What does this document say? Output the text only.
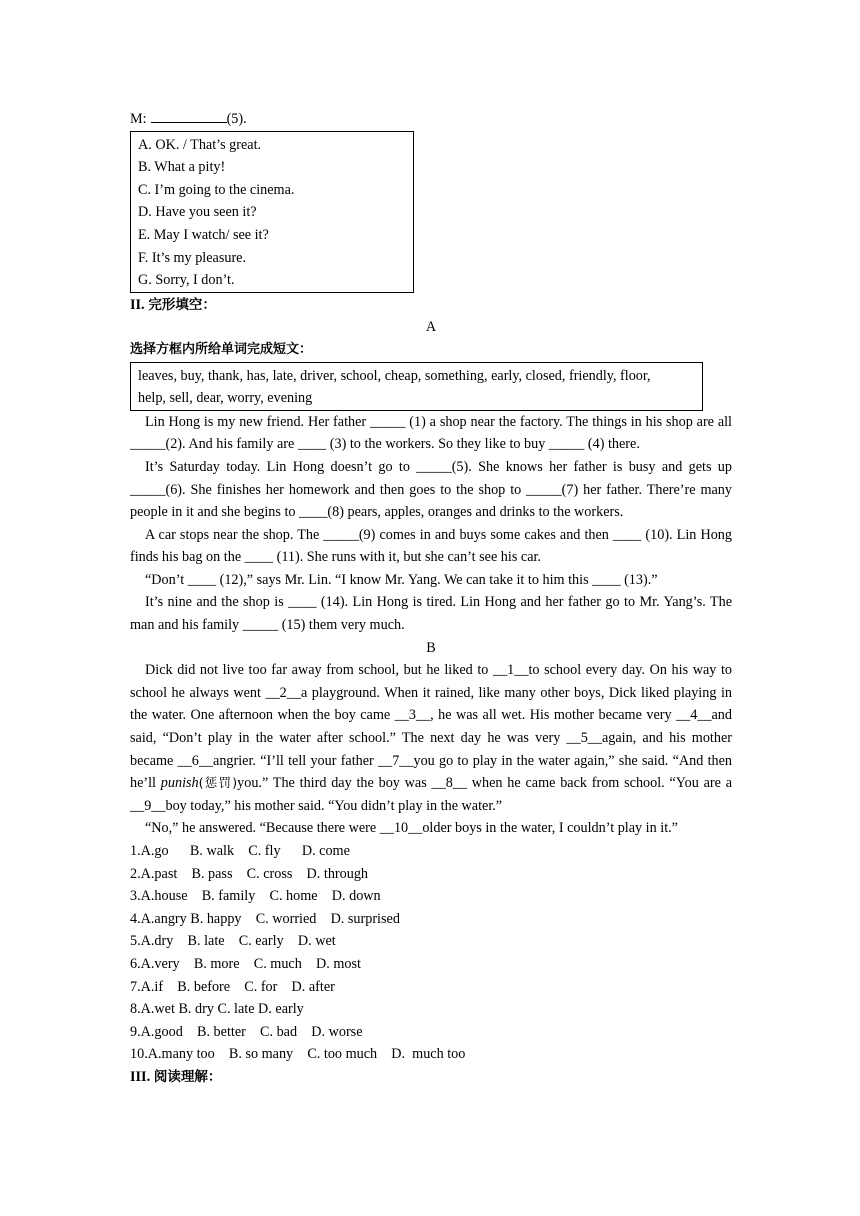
M:	(5).
A. OK. / That’s great.
B. What a pity!
C. I’m going to the cinema.
D. Have you seen it?
E. May I watch/ see it?
F. It’s my pleasure.
G. Sorry, I don’t.
II. 完形填空：
A
选择方框内所给单词完成短文：
leaves, buy, thank, has, late, driver, school, cheap, something, early, closed, friendly, floor,
help, sell, dear, worry, evening
Lin Hong is my new friend. Her father _____ (1) a shop near the factory. The things in his shop are all _____(2). And his family are ____ (3) to the workers. So they like to buy _____ (4) there.
It’s Saturday today. Lin Hong doesn’t go to _____(5). She knows her father is busy and gets up _____(6). She finishes her homework and then goes to the shop to _____(7) her father. There’re many people in it and she begins to ____(8) pears, apples, oranges and drinks to the workers.
A car stops near the shop. The _____(9) comes in and buys some cakes and then ____ (10). Lin Hong finds his bag on the ____ (11). She runs with it, but she can’t see his car.
“Don’t ____ (12),” says Mr. Lin. “I know Mr. Yang. We can take it to him this ____ (13).”
It’s nine and the shop is ____ (14). Lin Hong is tired. Lin Hong and her father go to Mr. Yang’s. The man and his family _____ (15) them very much.
B
Dick did not live too far away from school, but he liked to __1__to school every day. On his way to school he always went __2__a playground. When it rained, like many other boys, Dick liked playing in the water. One afternoon when the boy came __3__, he was all wet. His mother became very __4__and said, “Don’t play in the water after school.” The next day he was very __5__again, and his mother became __6__angrier. “I’ll tell your father __7__you go to play in the water again,” she said. “And then he’ll punish(惩罚)you.” The third day the boy was __8__ when he came back from school. “You are a __9__boy today,” his mother said. “You didn’t play in the water.”
“No,” he answered. “Because there were __10__older boys in the water, I couldn’t play in it.”
1.A.go      B. walk    C. fly      D. come
2.A.past    B. pass    C. cross    D. through
3.A.house    B. family    C. home    D. down
4.A.angry B. happy    C. worried    D. surprised
5.A.dry    B. late    C. early    D. wet
6.A.very    B. more    C. much    D. most
7.A.if    B. before    C. for    D. after
8.A.wet B. dry C. late D. early
9.A.good    B. better    C. bad    D. worse
10.A.many too    B. so many    C. too much    D.  much too
III. 阅读理解：
